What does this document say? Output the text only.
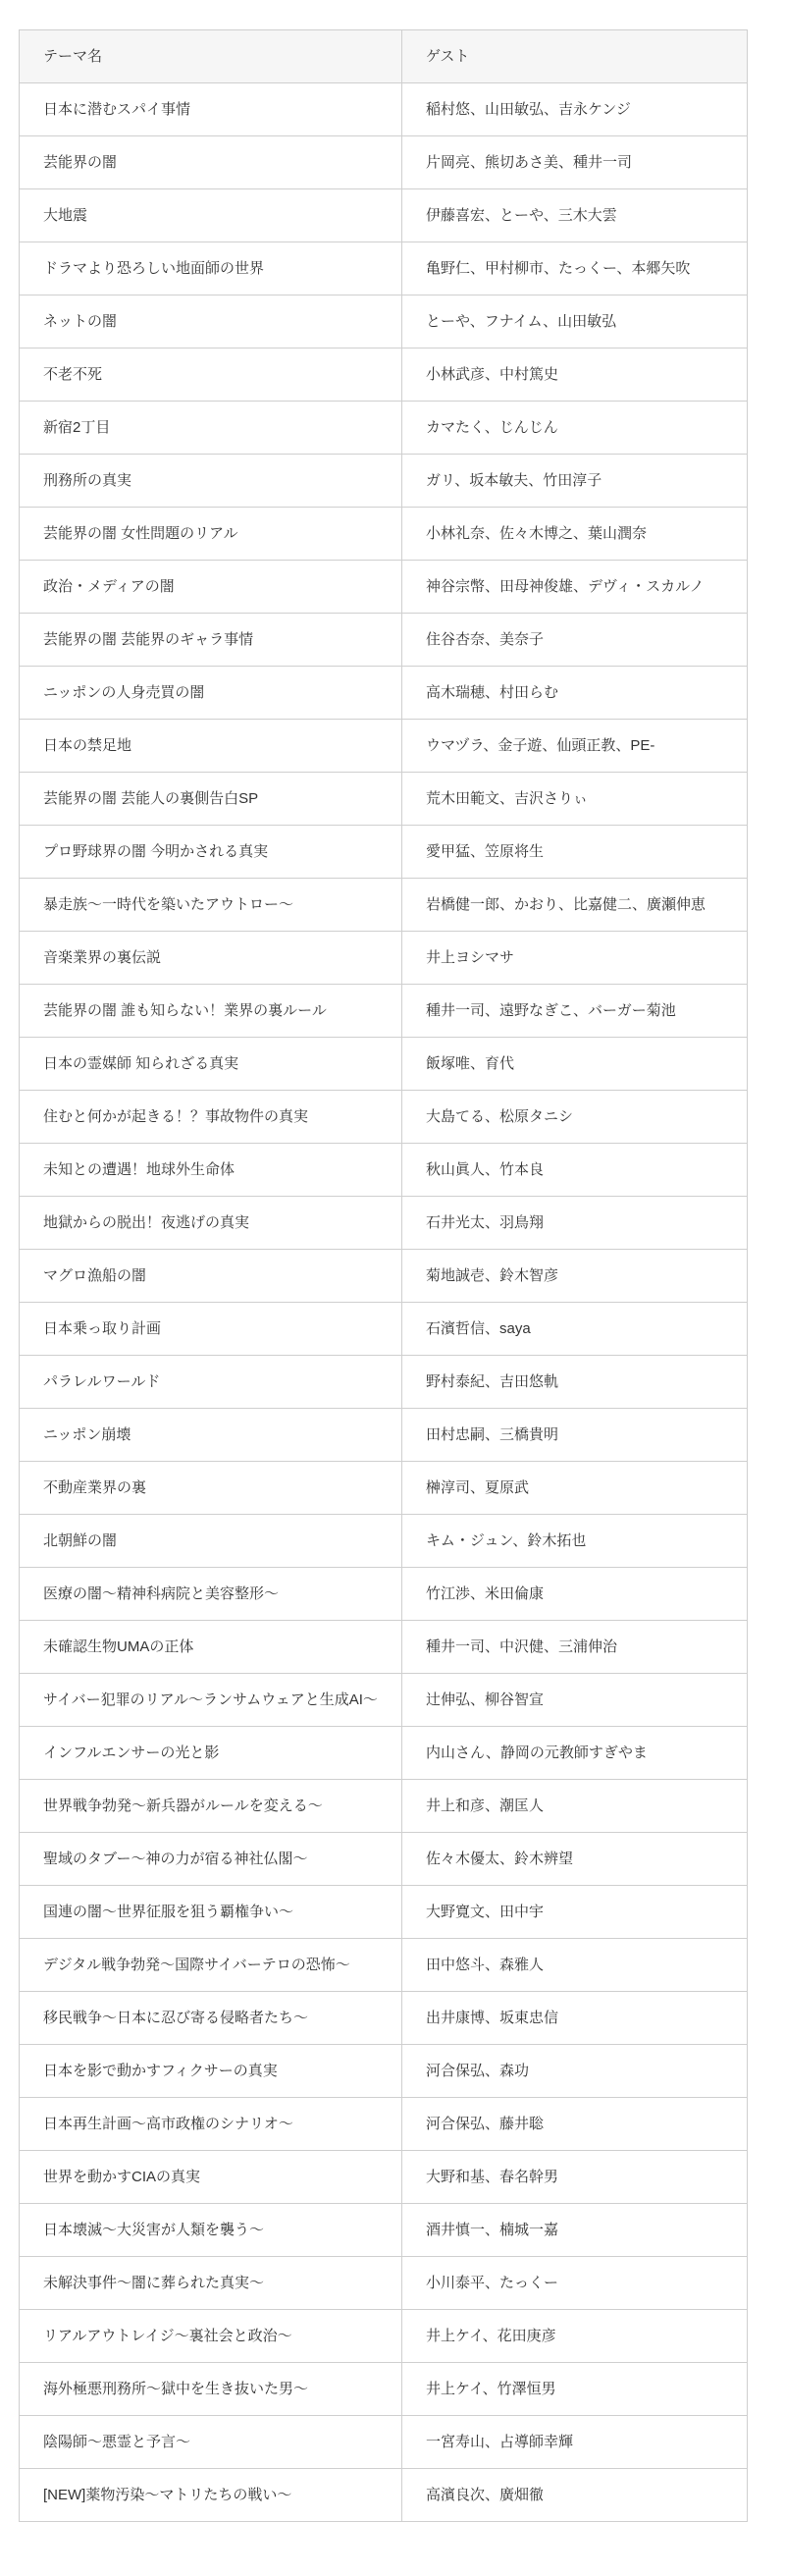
テーマ名	ゲスト
日本に潜むスパイ事情	稲村悠、山田敏弘、吉永ケンジ
芸能界の闇	片岡亮、熊切あさ美、種井一司
大地震	伊藤喜宏、とーや、三木大雲
ドラマより恐ろしい地面師の世界	亀野仁、甲村柳市、たっくー、本郷矢吹
ネットの闇	とーや、フナイム、山田敏弘
不老不死	小林武彦、中村篤史
新宿2丁目	カマたく、じんじん
刑務所の真実	ガリ、坂本敏夫、竹田淳子
芸能界の闇 女性問題のリアル	小林礼奈、佐々木博之、葉山潤奈
政治・メディアの闇	神谷宗幣、田母神俊雄、デヴィ・スカルノ
芸能界の闇 芸能界のギャラ事情	住谷杏奈、美奈子
ニッポンの人身売買の闇	高木瑞穂、村田らむ
日本の禁足地	ウマヅラ、金子遊、仙頭正教、PE-
芸能界の闇 芸能人の裏側告白SP	荒木田範文、吉沢さりぃ
プロ野球界の闇 今明かされる真実	愛甲猛、笠原将生
暴走族〜一時代を築いたアウトロー〜	岩橋健一郎、かおり、比嘉健二、廣瀬伸恵
音楽業界の裏伝説	井上ヨシマサ
芸能界の闇 誰も知らない！業界の裏ルール	種井一司、遠野なぎこ、バーガー菊池
日本の霊媒師 知られざる真実	飯塚唯、育代
住むと何かが起きる！？事故物件の真実	大島てる、松原タニシ
未知との遭遇！地球外生命体	秋山眞人、竹本良
地獄からの脱出！夜逃げの真実	石井光太、羽鳥翔
マグロ漁船の闇	菊地誠壱、鈴木智彦
日本乗っ取り計画	石濱哲信、saya
パラレルワールド	野村泰紀、吉田悠軌
ニッポン崩壊	田村忠嗣、三橋貴明
不動産業界の裏	榊淳司、夏原武
北朝鮮の闇	キム・ジュン、鈴木拓也
医療の闇〜精神科病院と美容整形〜	竹江渉、米田倫康
未確認生物UMAの正体	種井一司、中沢健、三浦伸治
サイバー犯罪のリアル〜ランサムウェアと生成AI〜	辻伸弘、柳谷智宣
インフルエンサーの光と影	内山さん、静岡の元教師すぎやま
世界戦争勃発〜新兵器がルールを変える〜	井上和彦、潮匡人
聖域のタブー〜神の力が宿る神社仏閣〜	佐々木優太、鈴木辨望
国連の闇〜世界征服を狙う覇権争い〜	大野寛文、田中宇
デジタル戦争勃発〜国際サイバーテロの恐怖〜	田中悠斗、森雅人
移民戦争〜日本に忍び寄る侵略者たち〜	出井康博、坂東忠信
日本を影で動かすフィクサーの真実	河合保弘、森功
日本再生計画〜高市政権のシナリオ〜	河合保弘、藤井聡
世界を動かすCIAの真実	大野和基、春名幹男
日本壊滅〜大災害が人類を襲う〜	酒井慎一、楠城一嘉
未解決事件〜闇に葬られた真実〜	小川泰平、たっくー
リアルアウトレイジ〜裏社会と政治〜	井上ケイ、花田庚彦
海外極悪刑務所〜獄中を生き抜いた男〜	井上ケイ、竹澤恒男
陰陽師〜悪霊と予言〜	一宮寿山、占導師幸輝
[NEW]薬物汚染〜マトリたちの戦い〜	高濱良次、廣畑徹
